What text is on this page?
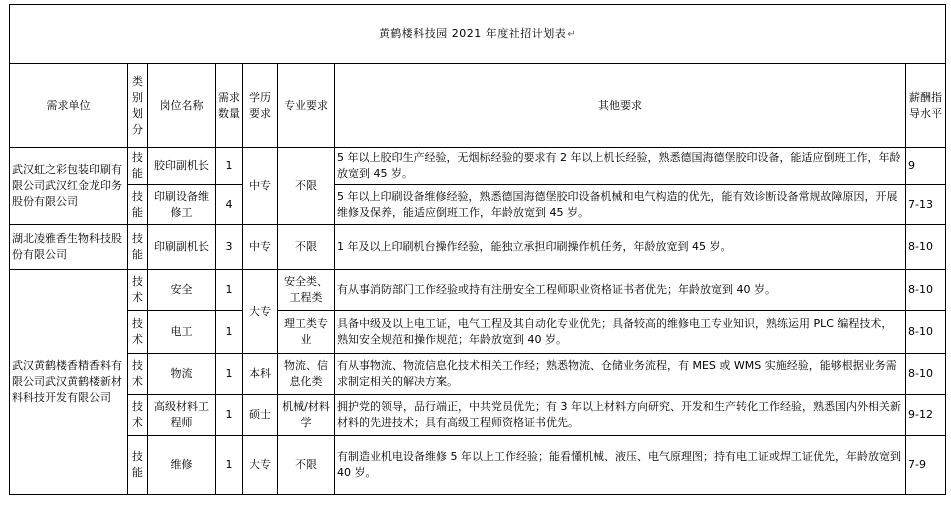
黄鹤楼科技园 2021 年度社招计划表↵							
需求单位	类别划分	岗位名称	需求数量	学历要求	专业要求	其他要求	薪酬指导水平
武汉虹之彩包装印刷有限公司武汉红金龙印务股份有限公司	技能	胶印副机长	1	中专	不限	5 年以上胶印生产经验，无烟标经验的要求有 2 年以上机长经验，熟悉德国海德堡胶印设备，能适应倒班工作，年龄放宽到 45 岁。	9
	技能	印刷设备维修工	4			5 年以上印刷设备维修经验，熟悉德国海德堡胶印设备机械和电气构造的优先，能有效诊断设备常规故障原因，开展维修及保养，能适应倒班工作，年龄放宽到 45 岁。	7-13
湖北凌雅香生物科技股份有限公司	技能	印刷副机长	3	中专	不限	1 年及以上印刷机台操作经验，能独立承担印刷操作机任务，年龄放宽到 45 岁。	8-10
武汉黄鹤楼香精香料有限公司武汉黄鹤楼新材料科技开发有限公司	技术	安全	1	大专	安全类、工程类	有从事消防部门工作经验或持有注册安全工程师职业资格证书者优先；年龄放宽到 40 岁。	8-10
	技术	电工	1		理工类专业	具备中级及以上电工证，电气工程及其自动化专业优先；具备较高的维修电工专业知识，熟练运用 PLC 编程技术，熟知安全规范和操作规范；年龄放宽到 40 岁。	8-10
	技术	物流	1	本科	物流、信息化类	有从事物流、物流信息化技术相关工作经；熟悉物流、仓储业务流程，有 MES 或 WMS 实施经验，能够根据业务需求制定相关的解决方案。	8-10
	技术	高级材料工程师	1	硕士	机械/材料学	拥护党的领导，品行端正，中共党员优先；有 3 年以上材料方向研究、开发和生产转化工作经验，熟悉国内外相关新材料的先进技术；具有高级工程师资格证书优先。	9-12
	技能	维修	1	大专	不限	有制造业机电设备维修 5 年以上工作经验；能看懂机械、液压、电气原理图；持有电工证或焊工证优先，年龄放宽到 40 岁。	7-9
